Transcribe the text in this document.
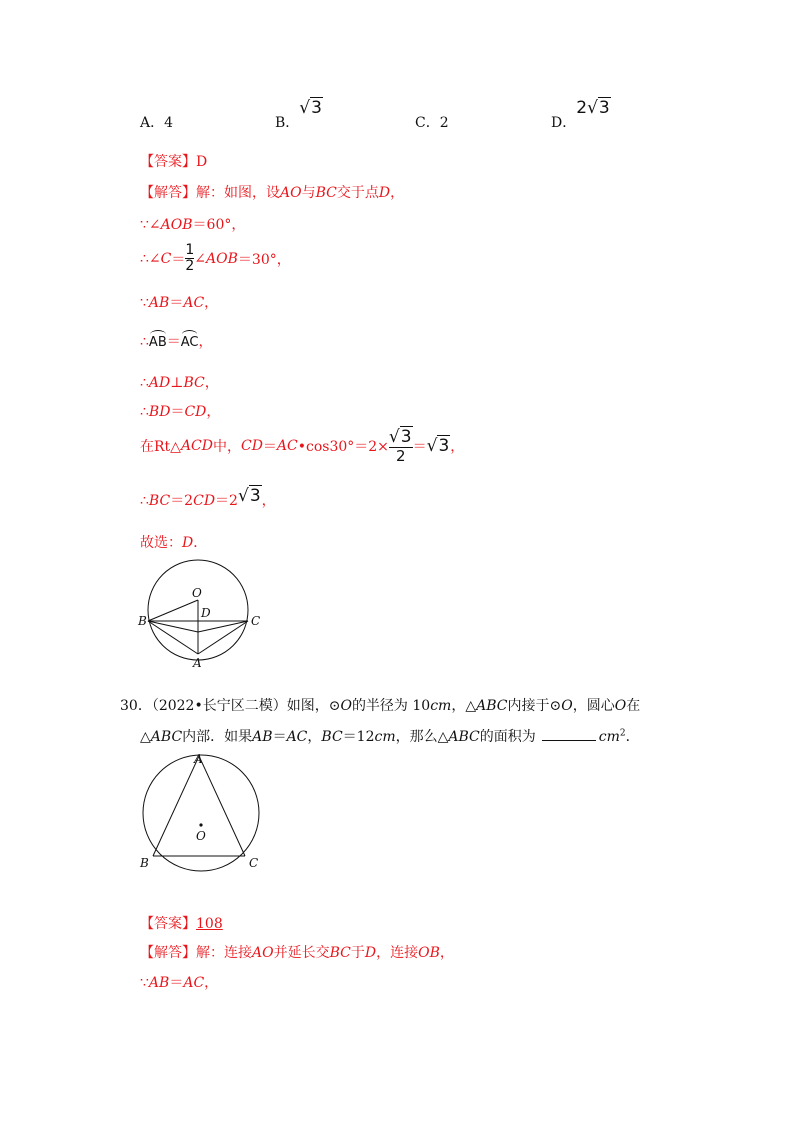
A．4	B．√3
C．2	D．2√3
【答案】D
【解答】解：如图，设AO与BC交于点D，
∵∠AOB＝60°，
∴∠C＝ $\frac{1}{2}$ ∠AOB＝30°，
∵AB＝AC，
∴AB＝AC，
∴AD⊥BC，
∴BD＝CD，
在Rt△ACD中，CD＝AC•cos30°＝2× $\frac{√3}{2} =√3$，
∴BC＝2CD＝2√3，
故选：D．
O
D
B	C
A
30．（2022•长宁区二模）如图，⊙O的半径为 10cm，△ABC内接于⊙O，圆心O在
△ABC内部．如果AB＝AC，BC＝12cm，那么△ABC的面积为	$cm^2$．
A
O
B	C
【答案】108
【解答】解：连接AO并延长交BC于D，连接OB，
∵AB＝AC，
